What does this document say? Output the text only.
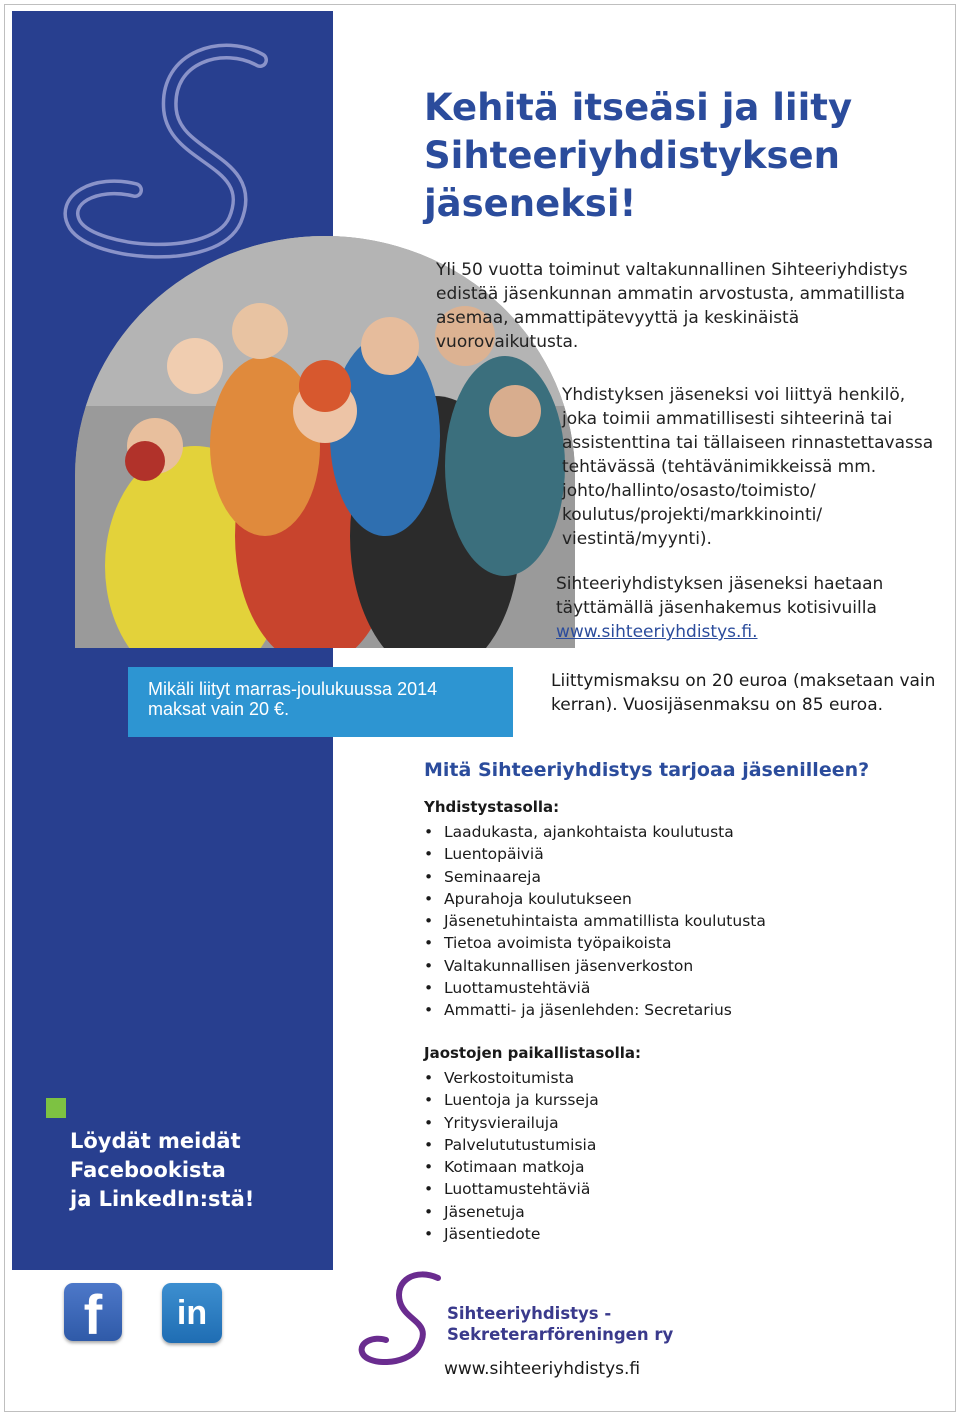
Kehitä itseäsi ja liity
Sihteeriyhdistyksen
jäseneksi!

Yli 50 vuotta toiminut valtakunnallinen Sihteeriyhdistys edistää jäsenkunnan ammatin arvostusta, ammatillista asemaa, ammattipätevyyttä ja keskinäistä vuorovaikutusta.

Yhdistyksen jäseneksi voi liittyä henkilö, joka toimii ammatillisesti sihteerinä tai assistenttina tai tällaiseen rinnastettavassa tehtävässä (tehtävänimikkeissä mm. johto/hallinto/osasto/toimisto/ koulutus/projekti/markkinointi/ viestintä/myynti).

Sihteeriyhdistyksen jäseneksi haetaan täyttämällä jäsenhakemus kotisivuilla www.sihteeriyhdistys.fi.

Mikäli liityt marras-joulukuussa 2014 maksat vain 20 €.

Liittymismaksu on 20 euroa (maksetaan vain kerran). Vuosijäsenmaksu on 85 euroa.

Mitä Sihteeriyhdistys tarjoaa jäsenilleen?

Yhdistystasolla:

• Laadukasta, ajankohtaista koulutusta
• Luentopäiviä
• Seminaareja
• Apurahoja koulutukseen
• Jäsenetuhintaista ammatillista koulutusta
• Tietoa avoimista työpaikoista
• Valtakunnallisen jäsenverkoston
• Luottamustehtäviä
• Ammatti- ja jäsenlehden: Secretarius

Jaostojen paikallistasolla:

• Verkostoitumista
• Luentoja ja kursseja
• Yritysvierailuja
• Palvelututustumisia
• Kotimaan matkoja
• Luottamustehtäviä
• Jäsenetuja
• Jäsentiedote

Löydät meidät
Facebookista
ja LinkedIn:stä!

f	in	Sihteeriyhdistys -
Sekreterarföreningen ry

www.sihteeriyhdistys.fi
